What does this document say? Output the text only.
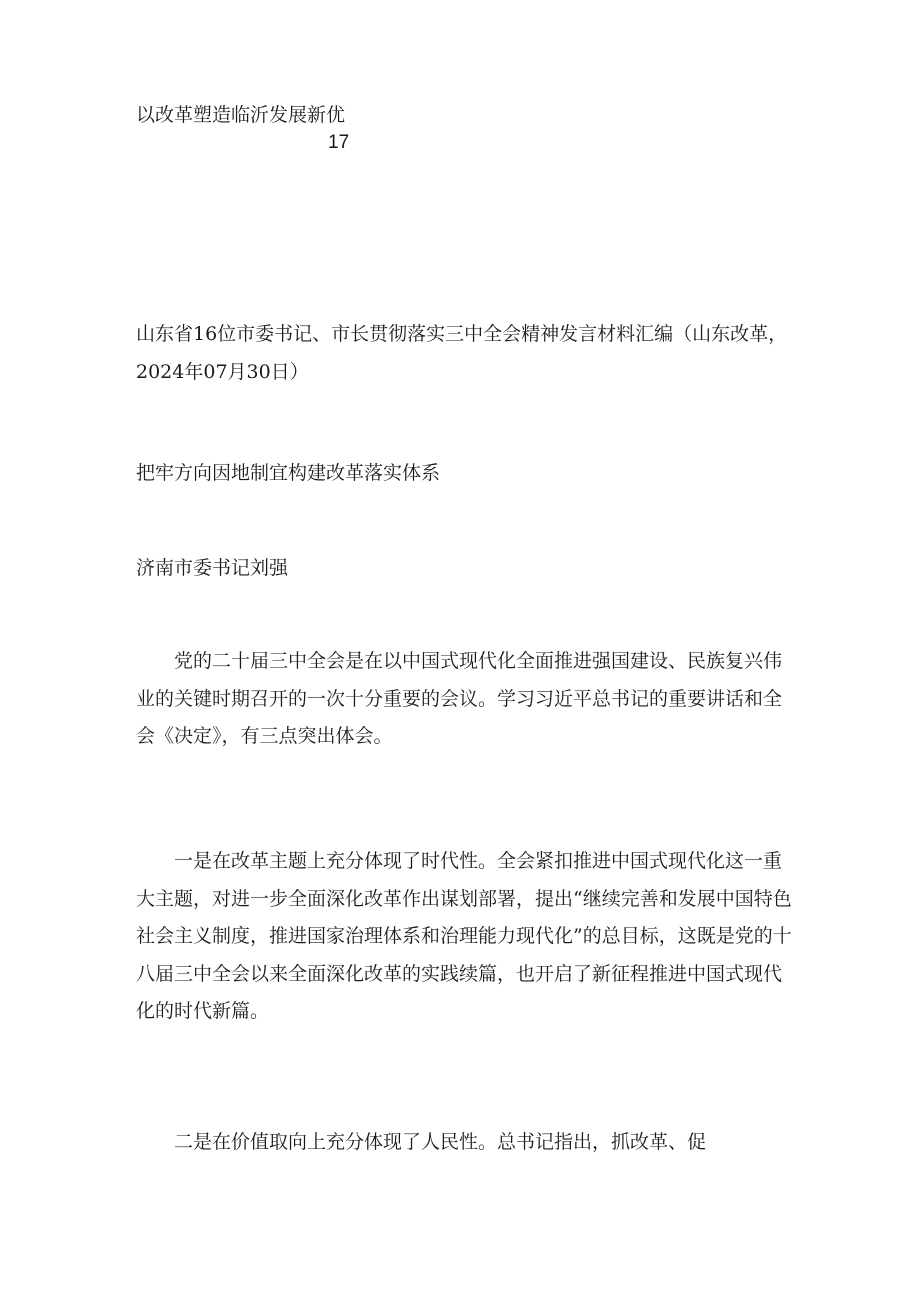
以改革塑造临沂发展新优
17
山东省16位市委书记、市长贯彻落实三中全会精神发言材料汇编（山东改革，2024年07月30日）
把牢方向因地制宜构建改革落实体系
济南市委书记刘强
党的二十届三中全会是在以中国式现代化全面推进强国建设、民族复兴伟业的关键时期召开的一次十分重要的会议。学习习近平总书记的重要讲话和全会《决定》，有三点突出体会。
一是在改革主题上充分体现了时代性。全会紧扣推进中国式现代化这一重大主题，对进一步全面深化改革作出谋划部署，提出“继续完善和发展中国特色社会主义制度，推进国家治理体系和治理能力现代化”的总目标，这既是党的十八届三中全会以来全面深化改革的实践续篇，也开启了新征程推进中国式现代化的时代新篇。
二是在价值取向上充分体现了人民性。总书记指出，抓改革、促
